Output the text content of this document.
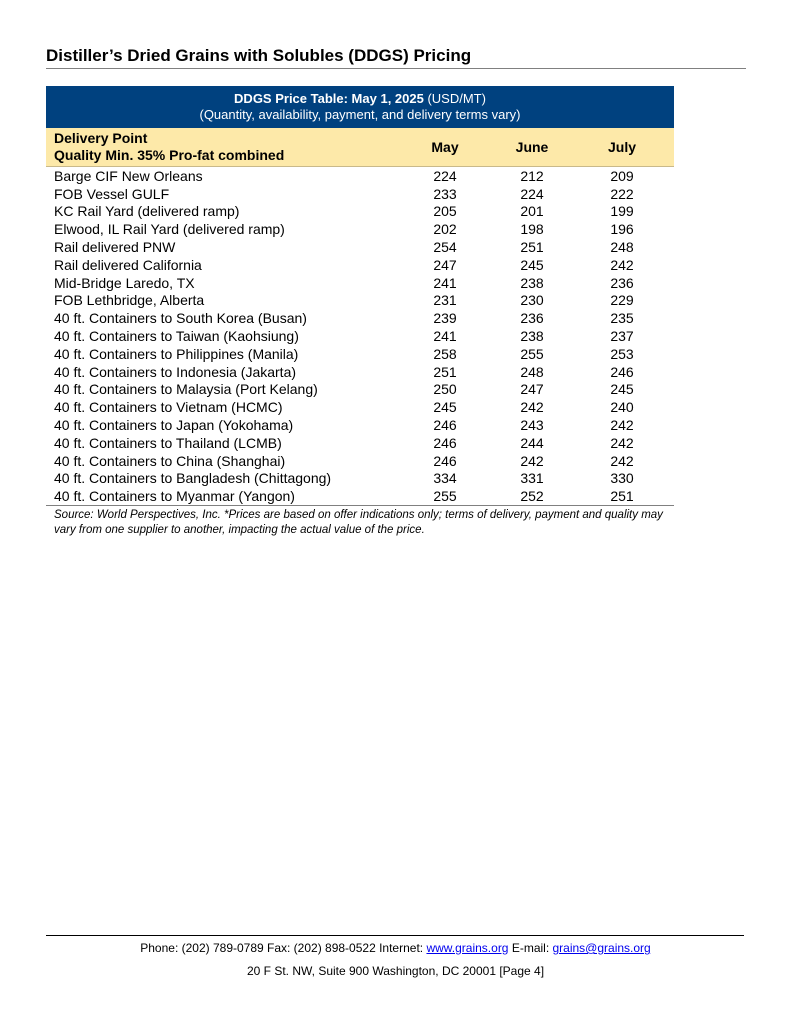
Distiller’s Dried Grains with Solubles (DDGS) Pricing
DDGS Price Table: May 1, 2025 (USD/MT)
(Quantity, availability, payment, and delivery terms vary)
Delivery Point
Quality Min. 35% Pro-fat combined	May	June	July
Barge CIF New Orleans	224	212	209
FOB Vessel GULF	233	224	222
KC Rail Yard (delivered ramp)	205	201	199
Elwood, IL Rail Yard (delivered ramp)	202	198	196
Rail delivered PNW	254	251	248
Rail delivered California	247	245	242
Mid-Bridge Laredo, TX	241	238	236
FOB Lethbridge, Alberta	231	230	229
40 ft. Containers to South Korea (Busan)	239	236	235
40 ft. Containers to Taiwan (Kaohsiung)	241	238	237
40 ft. Containers to Philippines (Manila)	258	255	253
40 ft. Containers to Indonesia (Jakarta)	251	248	246
40 ft. Containers to Malaysia (Port Kelang)	250	247	245
40 ft. Containers to Vietnam (HCMC)	245	242	240
40 ft. Containers to Japan (Yokohama)	246	243	242
40 ft. Containers to Thailand (LCMB)	246	244	242
40 ft. Containers to China (Shanghai)	246	242	242
40 ft. Containers to Bangladesh (Chittagong)	334	331	330
40 ft. Containers to Myanmar (Yangon)	255	252	251
Source: World Perspectives, Inc. *Prices are based on offer indications only; terms of delivery, payment and quality may vary from one supplier to another, impacting the actual value of the price.
Phone: (202) 789-0789 Fax: (202) 898-0522 Internet: www.grains.org E-mail: grains@grains.org
20 F St. NW, Suite 900 Washington, DC 20001 [Page 4]
